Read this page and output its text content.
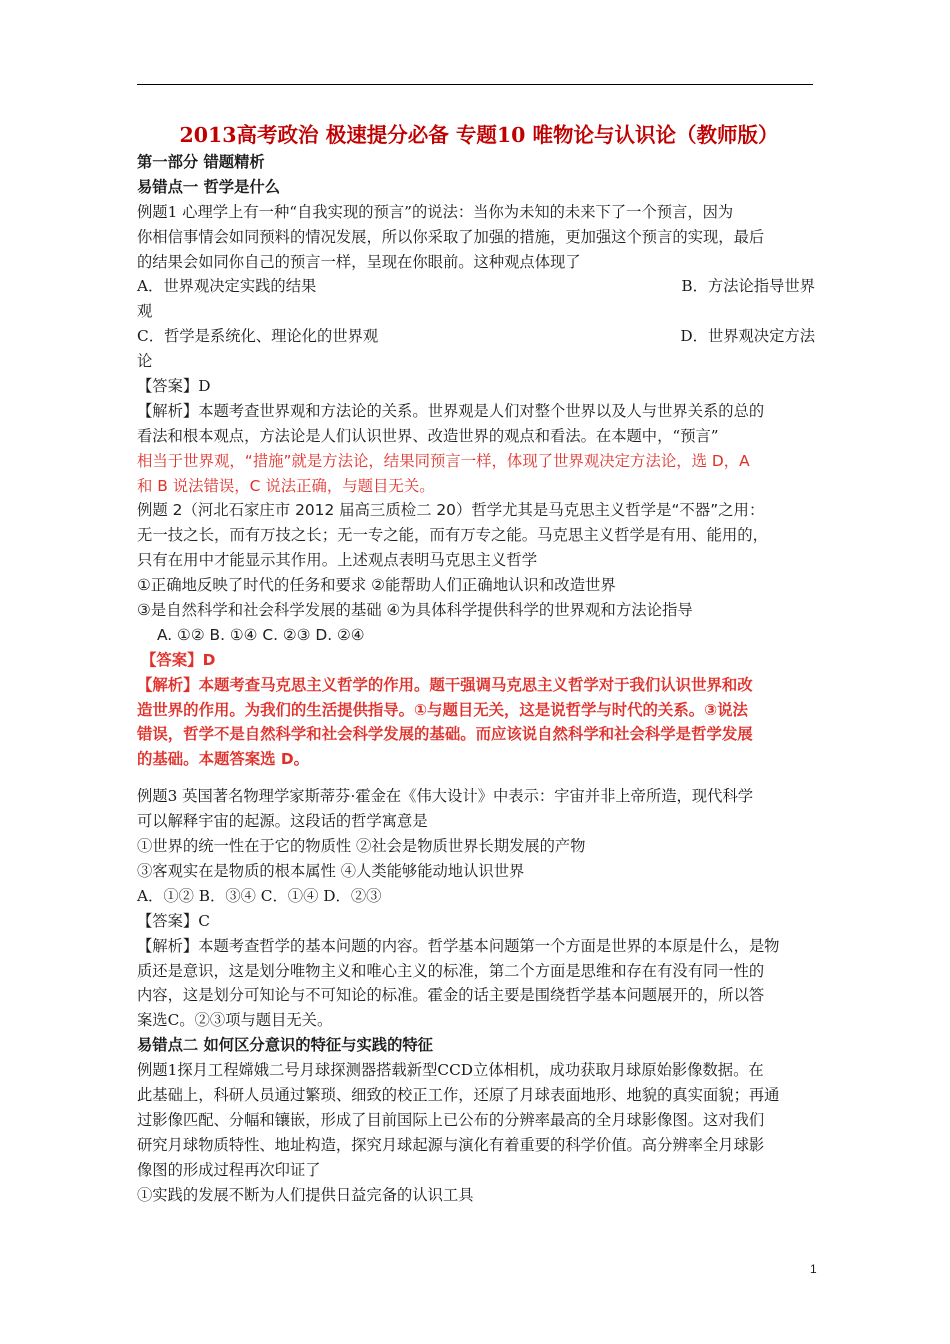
2013高考政治 极速提分必备 专题10 唯物论与认识论（教师版）
第一部分 错题精析
易错点一 哲学是什么
例题1 心理学上有一种“自我实现的预言”的说法：当你为未知的未来下了一个预言，因为
你相信事情会如同预料的情况发展，所以你采取了加强的措施，更加强这个预言的实现，最后
的结果会如同你自己的预言一样，呈现在你眼前。这种观点体现了
A．世界观决定实践的结果	B．方法论指导世界
观
C．哲学是系统化、理论化的世界观	D．世界观决定方法
论
【答案】D
【解析】本题考查世界观和方法论的关系。世界观是人们对整个世界以及人与世界关系的总的
看法和根本观点，方法论是人们认识世界、改造世界的观点和看法。在本题中，“预言”
相当于世界观，“措施”就是方法论，结果同预言一样，体现了世界观决定方法论，选 D，A
和 B 说法错误，C 说法正确，与题目无关。
例题 2（河北石家庄市 2012 届高三质检二 20）哲学尤其是马克思主义哲学是“不器”之用：
无一技之长，而有万技之长；无一专之能，而有万专之能。马克思主义哲学是有用、能用的，
只有在用中才能显示其作用。上述观点表明马克思主义哲学
①正确地反映了时代的任务和要求 ②能帮助人们正确地认识和改造世界
③是自然科学和社会科学发展的基础 ④为具体科学提供科学的世界观和方法论指导
A. ①② B. ①④ C. ②③ D. ②④
【答案】D
【解析】本题考查马克思主义哲学的作用。题干强调马克思主义哲学对于我们认识世界和改
造世界的作用。为我们的生活提供指导。①与题目无关，这是说哲学与时代的关系。③说法
错误，哲学不是自然科学和社会科学发展的基础。而应该说自然科学和社会科学是哲学发展
的基础。本题答案选 D。
例题3 英国著名物理学家斯蒂芬·霍金在《伟大设计》中表示：宇宙并非上帝所造，现代科学
可以解释宇宙的起源。这段话的哲学寓意是
①世界的统一性在于它的物质性 ②社会是物质世界长期发展的产物
③客观实在是物质的根本属性 ④人类能够能动地认识世界
A．①② B．③④ C．①④ D．②③
【答案】C
【解析】本题考查哲学的基本问题的内容。哲学基本问题第一个方面是世界的本原是什么，是物
质还是意识，这是划分唯物主义和唯心主义的标准，第二个方面是思维和存在有没有同一性的
内容，这是划分可知论与不可知论的标准。霍金的话主要是围绕哲学基本问题展开的，所以答
案选C。②③项与题目无关。
易错点二 如何区分意识的特征与实践的特征
例题1探月工程嫦娥二号月球探测器搭载新型CCD立体相机，成功获取月球原始影像数据。在
此基础上，科研人员通过繁琐、细致的校正工作，还原了月球表面地形、地貌的真实面貌；再通
过影像匹配、分幅和镶嵌，形成了目前国际上已公布的分辨率最高的全月球影像图。这对我们
研究月球物质特性、地址构造，探究月球起源与演化有着重要的科学价值。高分辨率全月球影
像图的形成过程再次印证了
①实践的发展不断为人们提供日益完备的认识工具
1
